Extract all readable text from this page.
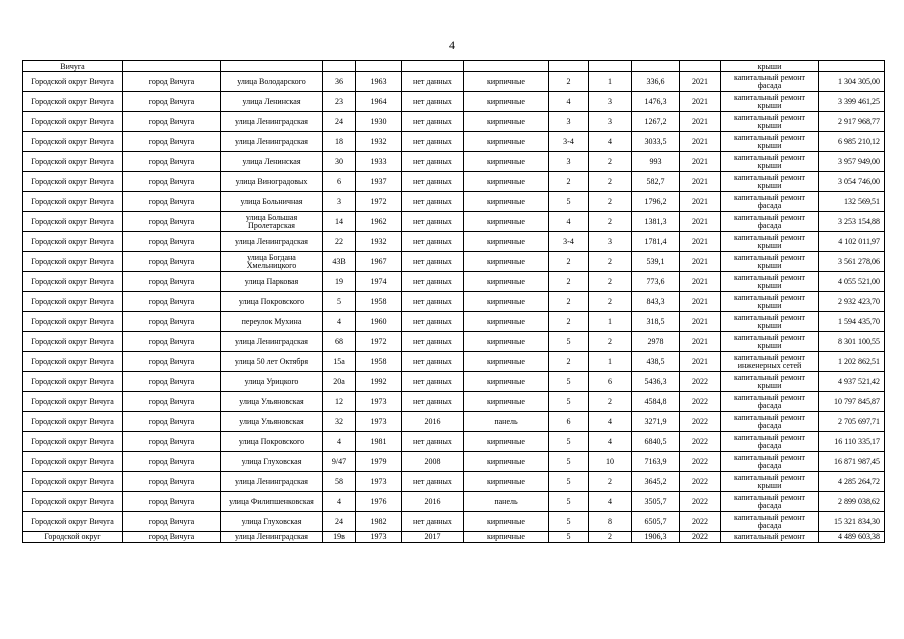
4
Вичуга											крыши	
Городской округ Вичуга	город Вичуга	улица Володарского	36	1963	нет данных	кирпичные	2	1	336,6	2021	капитальный ремонт фасада	1 304 305,00
Городской округ Вичуга	город Вичуга	улица Ленинская	23	1964	нет данных	кирпичные	4	3	1476,3	2021	капитальный ремонт крыши	3 399 461,25
Городской округ Вичуга	город Вичуга	улица Ленинградская	24	1930	нет данных	кирпичные	3	3	1267,2	2021	капитальный ремонт крыши	2 917 968,77
Городской округ Вичуга	город Вичуга	улица Ленинградская	18	1932	нет данных	кирпичные	3-4	4	3033,5	2021	капитальный ремонт крыши	6 985 210,12
Городской округ Вичуга	город Вичуга	улица Ленинская	30	1933	нет данных	кирпичные	3	2	993	2021	капитальный ремонт крыши	3 957 949,00
Городской округ Вичуга	город Вичуга	улица Виноградовых	6	1937	нет данных	кирпичные	2	2	582,7	2021	капитальный ремонт крыши	3 054 746,00
Городской округ Вичуга	город Вичуга	улица Больничная	3	1972	нет данных	кирпичные	5	2	1796,2	2021	капитальный ремонт фасада	132 569,51
Городской округ Вичуга	город Вичуга	улица Большая Пролетарская	14	1962	нет данных	кирпичные	4	2	1381,3	2021	капитальный ремонт фасада	3 253 154,88
Городской округ Вичуга	город Вичуга	улица Ленинградская	22	1932	нет данных	кирпичные	3-4	3	1781,4	2021	капитальный ремонт крыши	4 102 011,97
Городской округ Вичуга	город Вичуга	улица Богдана Хмельницкого	43В	1967	нет данных	кирпичные	2	2	539,1	2021	капитальный ремонт крыши	3 561 278,06
Городской округ Вичуга	город Вичуга	улица Парковая	19	1974	нет данных	кирпичные	2	2	773,6	2021	капитальный ремонт крыши	4 055 521,00
Городской округ Вичуга	город Вичуга	улица Покровского	5	1958	нет данных	кирпичные	2	2	843,3	2021	капитальный ремонт крыши	2 932 423,70
Городской округ Вичуга	город Вичуга	переулок Мухина	4	1960	нет данных	кирпичные	2	1	318,5	2021	капитальный ремонт крыши	1 594 435,70
Городской округ Вичуга	город Вичуга	улица Ленинградская	68	1972	нет данных	кирпичные	5	2	2978	2021	капитальный ремонт крыши	8 301 100,55
Городской округ Вичуга	город Вичуга	улица 50 лет Октября	15а	1958	нет данных	кирпичные	2	1	438,5	2021	капитальный ремонт инженерных сетей	1 202 862,51
Городской округ Вичуга	город Вичуга	улица Урицкого	20а	1992	нет данных	кирпичные	5	6	5436,3	2022	капитальный ремонт крыши	4 937 521,42
Городской округ Вичуга	город Вичуга	улица Ульяновская	12	1973	нет данных	кирпичные	5	2	4584,8	2022	капитальный ремонт фасада	10 797 845,87
Городской округ Вичуга	город Вичуга	улица Ульяновская	32	1973	2016	панель	6	4	3271,9	2022	капитальный ремонт фасада	2 705 697,71
Городской округ Вичуга	город Вичуга	улица Покровского	4	1981	нет данных	кирпичные	5	4	6840,5	2022	капитальный ремонт фасада	16 110 335,17
Городской округ Вичуга	город Вичуга	улица Глуховская	9/47	1979	2008	кирпичные	5	10	7163,9	2022	капитальный ремонт фасада	16 871 987,45
Городской округ Вичуга	город Вичуга	улица Ленинградская	58	1973	нет данных	кирпичные	5	2	3645,2	2022	капитальный ремонт крыши	4 285 264,72
Городской округ Вичуга	город Вичуга	улица Филипшенковская	4	1976	2016	панель	5	4	3505,7	2022	капитальный ремонт фасада	2 899 038,62
Городской округ Вичуга	город Вичуга	улица Глуховская	24	1982	нет данных	кирпичные	5	8	6505,7	2022	капитальный ремонт фасада	15 321 834,30
Городской округ	город Вичуга	улица Ленинградская	19в	1973	2017	кирпичные	5	2	1906,3	2022	капитальный ремонт	4 489 603,38
